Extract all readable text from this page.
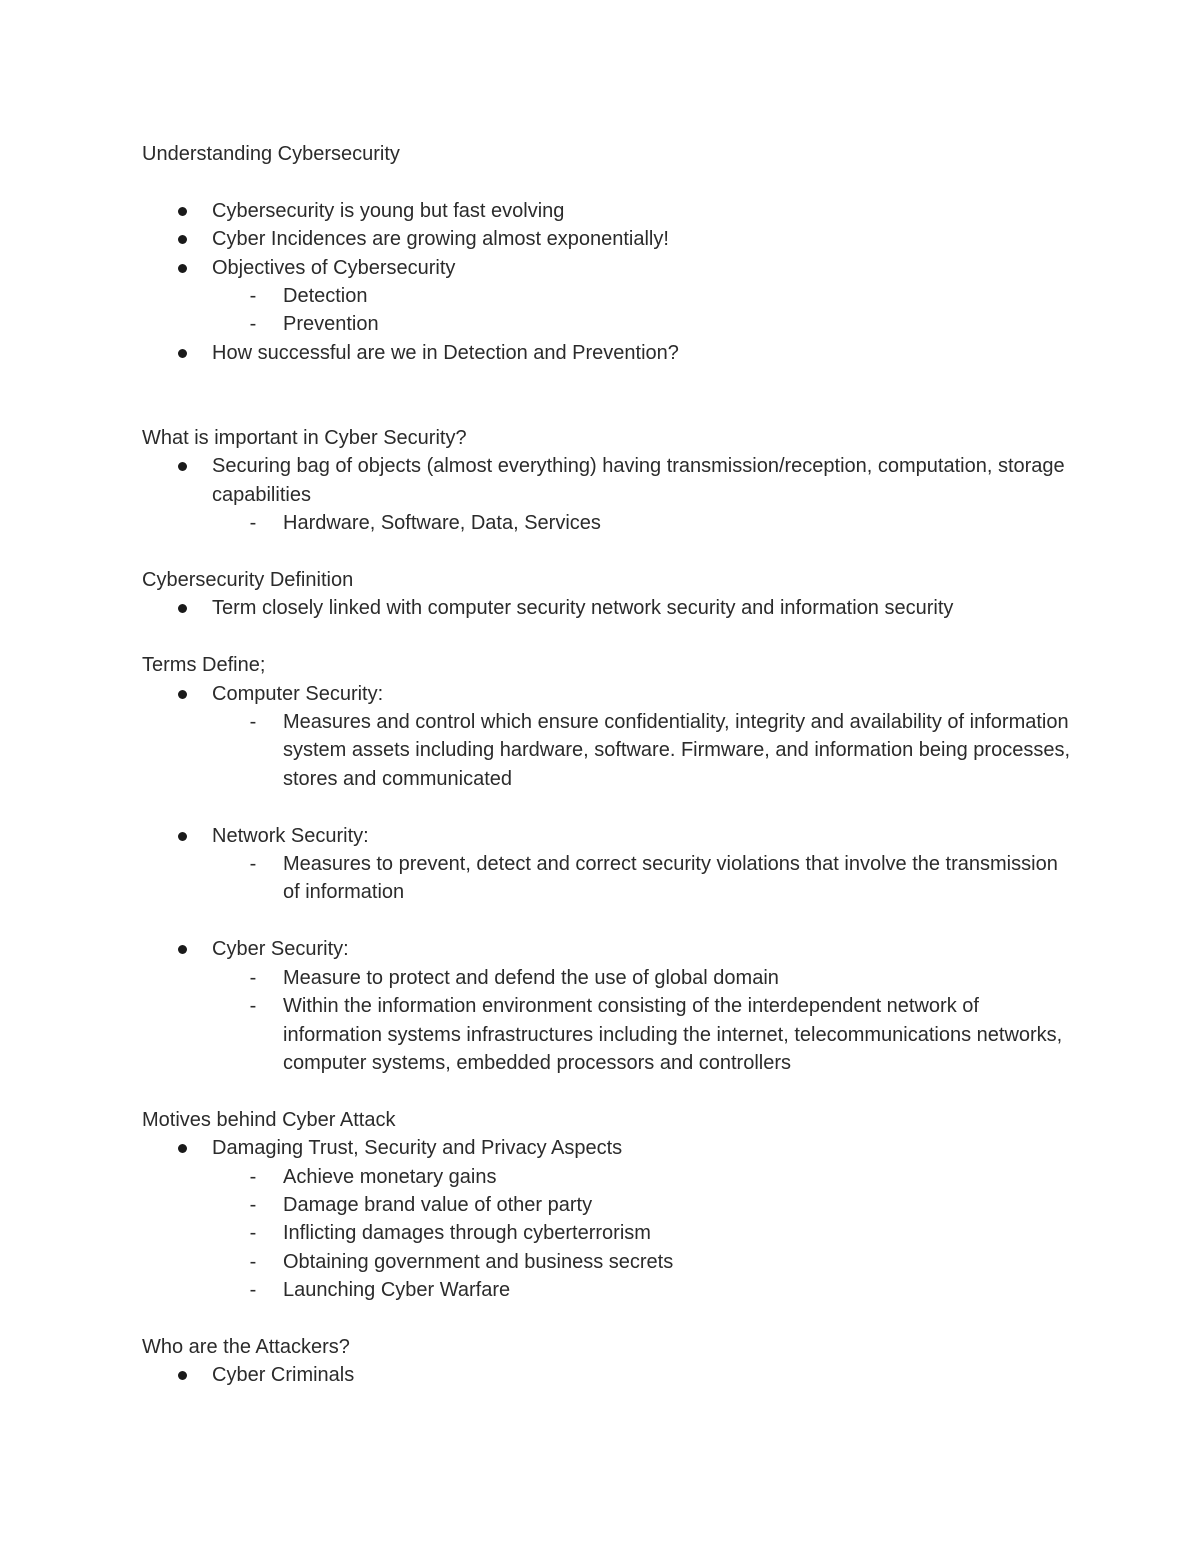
Understanding Cybersecurity
Cybersecurity is young but fast evolving
Cyber Incidences are growing almost exponentially!
Objectives of Cybersecurity
- Detection
- Prevention
How successful are we in Detection and Prevention?
What is important in Cyber Security?
Securing bag of objects (almost everything) having transmission/reception, computation, storage capabilities
- Hardware, Software, Data, Services
Cybersecurity Definition
Term closely linked with computer security network security and information security
Terms Define;
Computer Security:
- Measures and control which ensure confidentiality, integrity and availability of information system assets including hardware, software. Firmware, and information being processes, stores and communicated
Network Security:
- Measures to prevent, detect and correct security violations that involve the transmission of information
Cyber Security:
- Measure to protect and defend the use of global domain
- Within the information environment consisting of the interdependent network of information systems infrastructures including the internet, telecommunications networks, computer systems, embedded processors and controllers
Motives behind Cyber Attack
Damaging Trust, Security and Privacy Aspects
- Achieve monetary gains
- Damage brand value of other party
- Inflicting damages through cyberterrorism
- Obtaining government and business secrets
- Launching Cyber Warfare
Who are the Attackers?
Cyber Criminals
